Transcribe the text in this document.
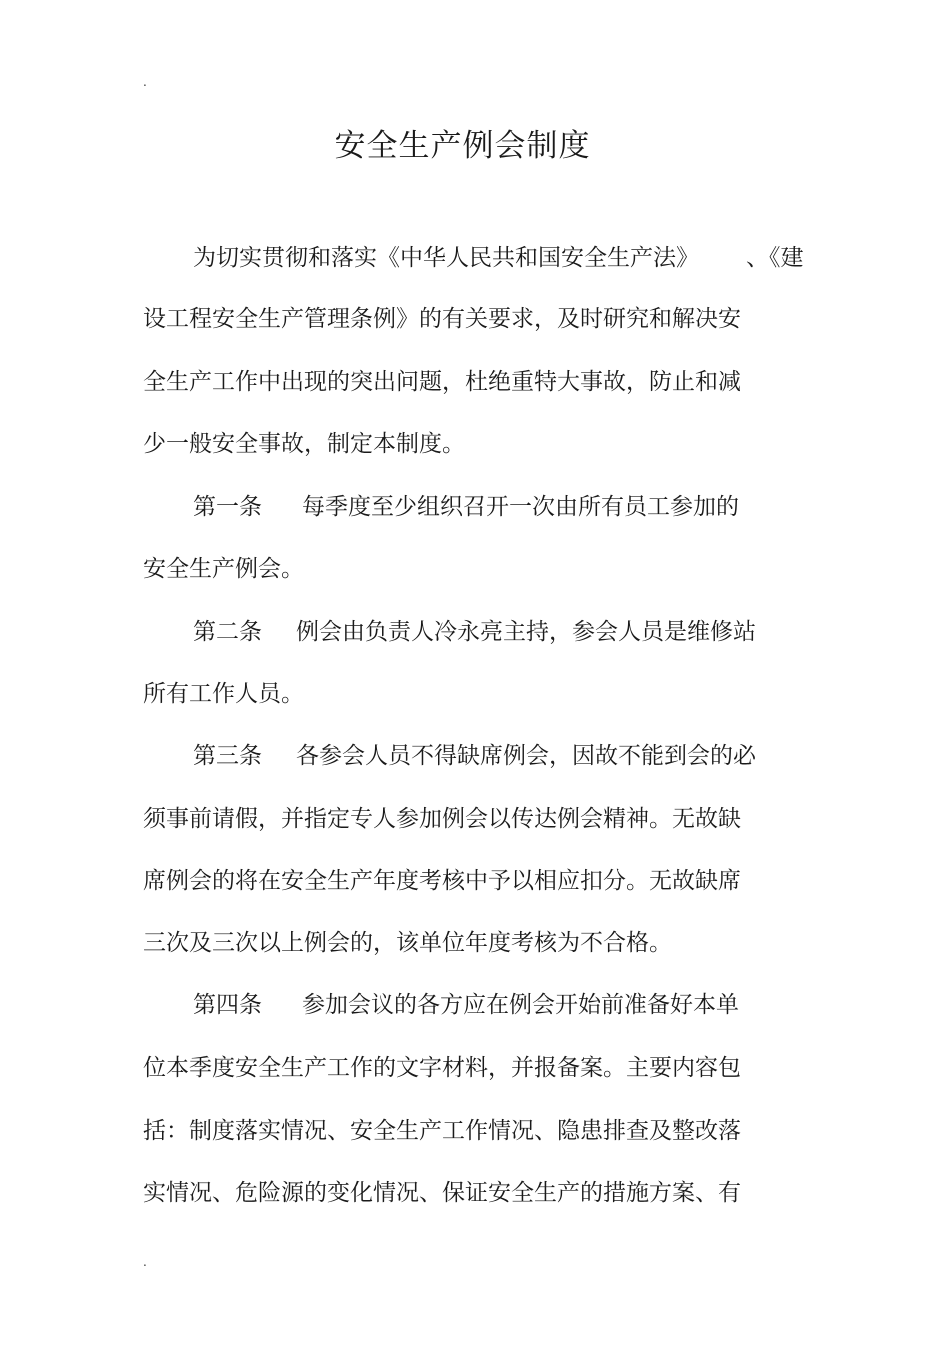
.
安全生产例会制度
为切实贯彻和落实《中华人民共和国安全生产法》 、《建
设工程安全生产管理条例》的有关要求，及时研究和解决安
全生产工作中出现的突出问题，杜绝重特大事故，防止和减
少一般安全事故，制定本制度。
第一条 每季度至少组织召开一次由所有员工参加的
安全生产例会。
第二条 例会由负责人冷永亮主持，参会人员是维修站
所有工作人员。
第三条 各参会人员不得缺席例会，因故不能到会的必
须事前请假，并指定专人参加例会以传达例会精神。无故缺
席例会的将在安全生产年度考核中予以相应扣分。无故缺席
三次及三次以上例会的，该单位年度考核为不合格。
第四条 参加会议的各方应在例会开始前准备好本单
位本季度安全生产工作的文字材料，并报备案。主要内容包
括：制度落实情况、安全生产工作情况、隐患排查及整改落
实情况、危险源的变化情况、保证安全生产的措施方案、有
.
